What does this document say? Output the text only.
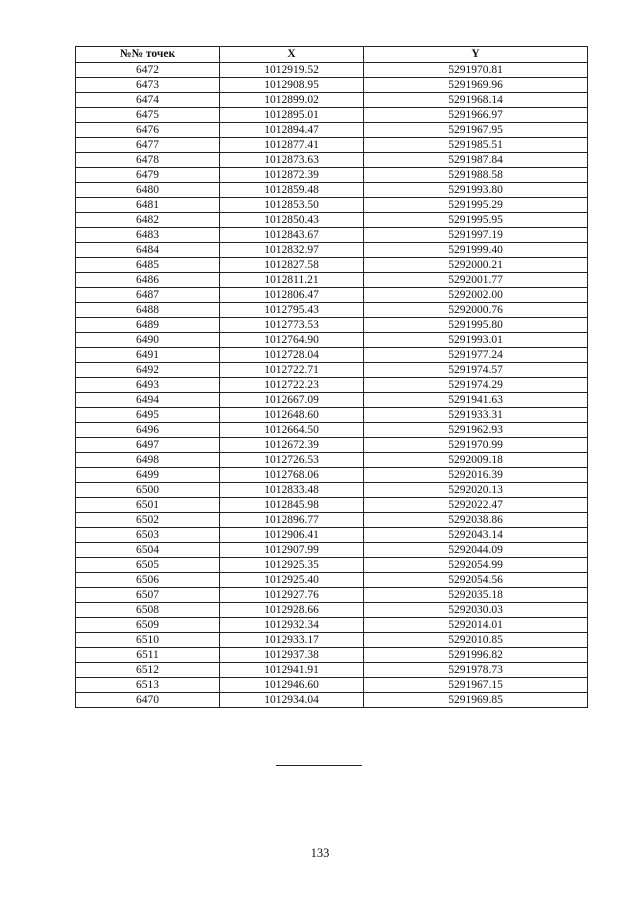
№№ точек	X	Y
6472	1012919.52	5291970.81
6473	1012908.95	5291969.96
6474	1012899.02	5291968.14
6475	1012895.01	5291966.97
6476	1012894.47	5291967.95
6477	1012877.41	5291985.51
6478	1012873.63	5291987.84
6479	1012872.39	5291988.58
6480	1012859.48	5291993.80
6481	1012853.50	5291995.29
6482	1012850.43	5291995.95
6483	1012843.67	5291997.19
6484	1012832.97	5291999.40
6485	1012827.58	5292000.21
6486	1012811.21	5292001.77
6487	1012806.47	5292002.00
6488	1012795.43	5292000.76
6489	1012773.53	5291995.80
6490	1012764.90	5291993.01
6491	1012728.04	5291977.24
6492	1012722.71	5291974.57
6493	1012722.23	5291974.29
6494	1012667.09	5291941.63
6495	1012648.60	5291933.31
6496	1012664.50	5291962.93
6497	1012672.39	5291970.99
6498	1012726.53	5292009.18
6499	1012768.06	5292016.39
6500	1012833.48	5292020.13
6501	1012845.98	5292022.47
6502	1012896.77	5292038.86
6503	1012906.41	5292043.14
6504	1012907.99	5292044.09
6505	1012925.35	5292054.99
6506	1012925.40	5292054.56
6507	1012927.76	5292035.18
6508	1012928.66	5292030.03
6509	1012932.34	5292014.01
6510	1012933.17	5292010.85
6511	1012937.38	5291996.82
6512	1012941.91	5291978.73
6513	1012946.60	5291967.15
6470	1012934.04	5291969.85
133
